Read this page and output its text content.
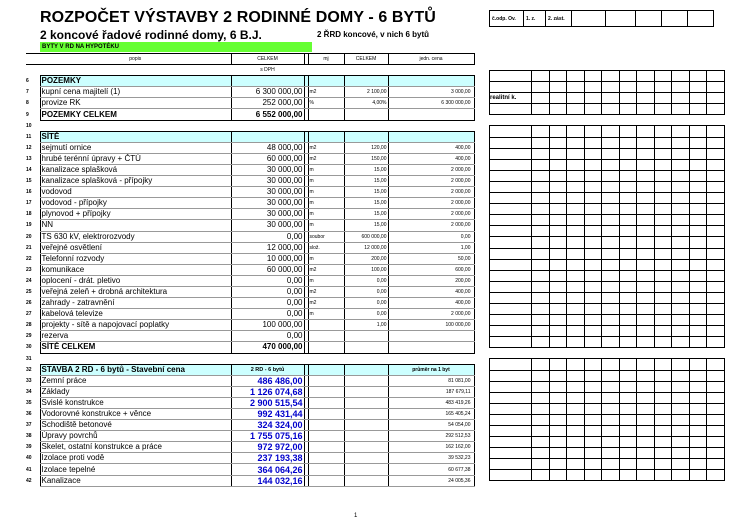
ROZPOČET VÝSTAVBY 2 RODINNÉ DOMY - 6 BYTŮ
2 koncové řadové rodinné domy, 6 B.J.	2 ŘRD koncové, v nich 6 bytů
BYTY V RD NA HYPOTÉKU
č.odp. Ov.	1. z.	2. zást.					
	popis	CELKEM		mj	CELKEM	jedn. cena
		s DPH				
6	POZEMKY					
7	kupní cena majitelí (1)	6 300 000,00		m2	2 100,00	3 000,00
8	provize RK	252 000,00		%	4,00%	6 300 000,00
9	POZEMKY CELKEM	6 552 000,00				
10						
11	SÍTĚ					
12	sejmutí ornice	48 000,00		m2	120,00	400,00
13	hrubé terénní úpravy + ČTÚ	60 000,00		m2	150,00	400,00
14	kanalizace splašková	30 000,00		m	15,00	2 000,00
15	kanalizace splašková - přípojky	30 000,00		m	15,00	2 000,00
16	vodovod	30 000,00		m	15,00	2 000,00
17	vodovod - přípojky	30 000,00		m	15,00	2 000,00
18	plynovod + přípojky	30 000,00		m	15,00	2 000,00
19	NN	30 000,00		m	15,00	2 000,00
20	TS 630 kV, elektrorozvody	0,00		soubor	600 000,00	0,00
21	veřejné osvětlení	12 000,00		slož.	12 000,00	1,00
22	Telefonní rozvody	10 000,00		m	200,00	50,00
23	komunikace	60 000,00		m2	100,00	600,00
24	oplocení - drát. pletivo	0,00		m	0,00	200,00
25	veřejná zeleň + drobná architektura	0,00		m2	0,00	400,00
26	zahrady - zatravnění	0,00		m2	0,00	400,00
27	kabelová televize	0,00		m	0,00	2 000,00
28	projekty - sítě a napojovací poplatky	100 000,00			1,00	100 000,00
29	rezerva	0,00				
30	SÍTĚ CELKEM	470 000,00				
31						
32	STAVBA 2 RD - 6 bytů - Stavební cena	2 RD - 6 bytů				průměr na 1 byt
33	Zemní práce	486 486,00				81 081,00
34	Základy	1 126 074,68				187 679,11
35	Svislé konstrukce	2 900 515,54				483 419,26
36	Vodorovné konstrukce + věnce	992 431,44				165 405,24
37	Schodiště betonové	324 324,00				54 054,00
38	Úpravy povrchů	1 755 075,16				292 512,53
39	Skelet, ostatní konstrukce a práce	972 972,00				162 162,00
40	Izolace proti vodě	237 193,38				39 532,23
41	Izolace tepelné	364 064,26				60 677,38
42	Kanalizace	144 032,16				24 005,36

realitní k.											

1
